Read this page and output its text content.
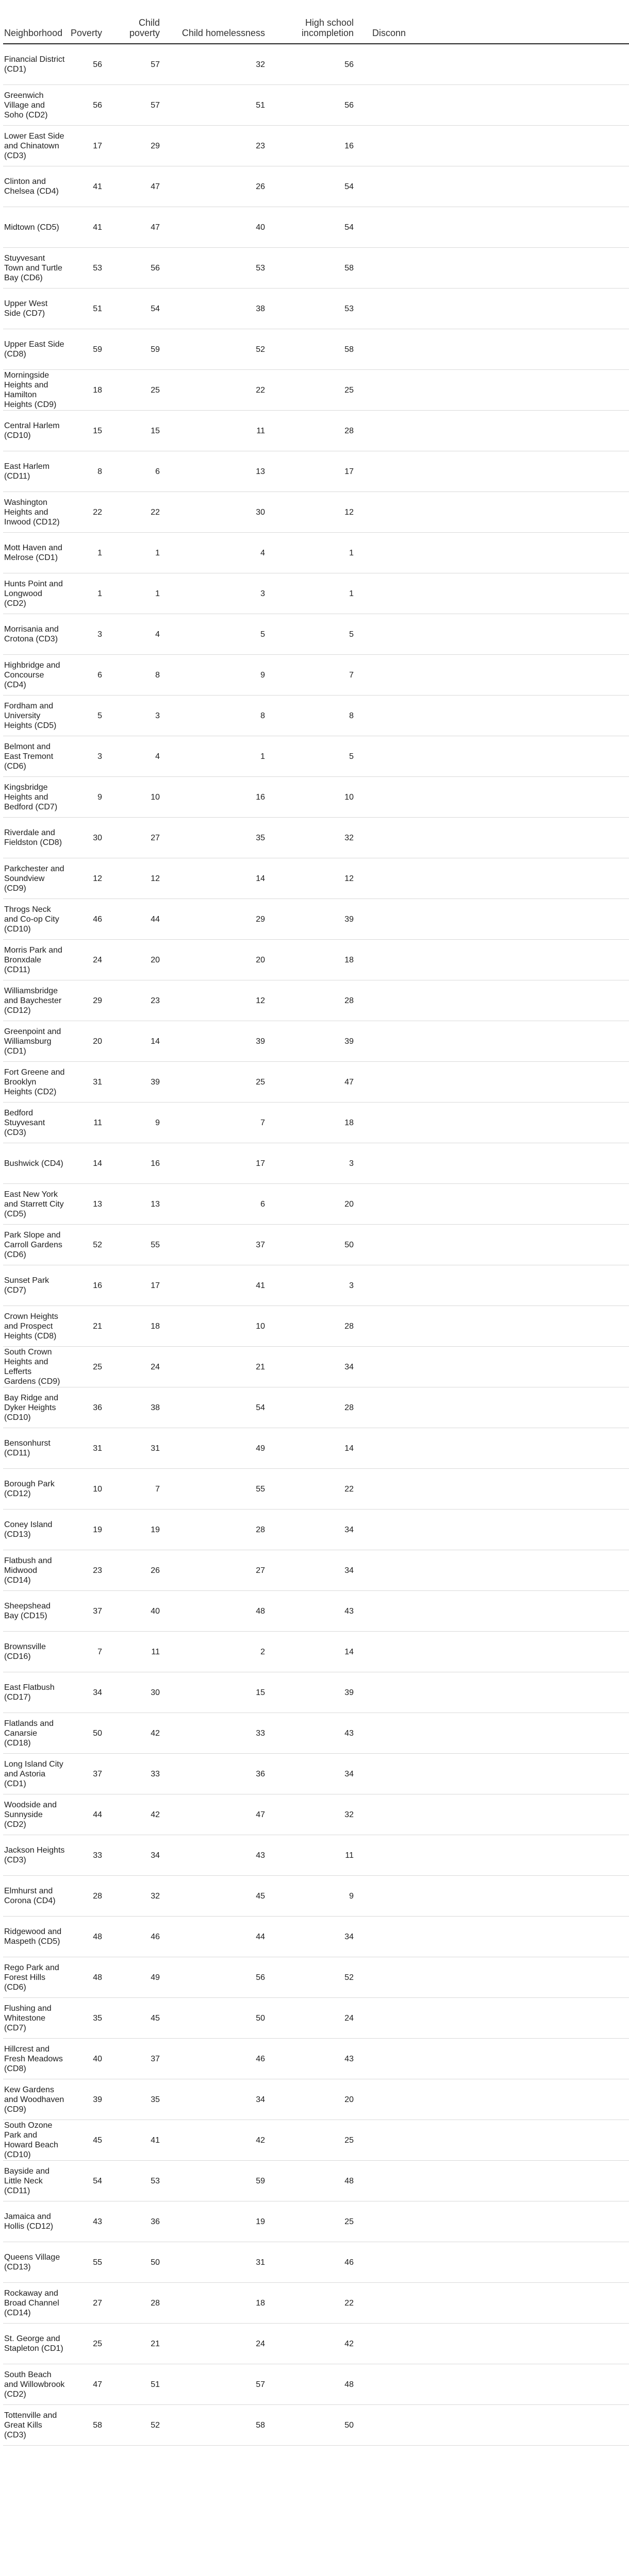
Neighborhood	Poverty	Child poverty	Child homelessness	High school incompletion	Disconn
Financial District (CD1)	56	57	32	56	
Greenwich Village and Soho (CD2)	56	57	51	56	
Lower East Side and Chinatown (CD3)	17	29	23	16	
Clinton and Chelsea (CD4)	41	47	26	54	
Midtown (CD5)	41	47	40	54	
Stuyvesant Town and Turtle Bay (CD6)	53	56	53	58	
Upper West Side (CD7)	51	54	38	53	
Upper East Side (CD8)	59	59	52	58	
Morningside Heights and Hamilton Heights (CD9)	18	25	22	25	
Central Harlem (CD10)	15	15	11	28	
East Harlem (CD11)	8	6	13	17	
Washington Heights and Inwood (CD12)	22	22	30	12	
Mott Haven and Melrose (CD1)	1	1	4	1	
Hunts Point and Longwood (CD2)	1	1	3	1	
Morrisania and Crotona (CD3)	3	4	5	5	
Highbridge and Concourse (CD4)	6	8	9	7	
Fordham and University Heights (CD5)	5	3	8	8	
Belmont and East Tremont (CD6)	3	4	1	5	
Kingsbridge Heights and Bedford (CD7)	9	10	16	10	
Riverdale and Fieldston (CD8)	30	27	35	32	
Parkchester and Soundview (CD9)	12	12	14	12	
Throgs Neck and Co-op City (CD10)	46	44	29	39	
Morris Park and Bronxdale (CD11)	24	20	20	18	
Williamsbridge and Baychester (CD12)	29	23	12	28	
Greenpoint and Williamsburg (CD1)	20	14	39	39	
Fort Greene and Brooklyn Heights (CD2)	31	39	25	47	
Bedford Stuyvesant (CD3)	11	9	7	18	
Bushwick (CD4)	14	16	17	3	
East New York and Starrett City (CD5)	13	13	6	20	
Park Slope and Carroll Gardens (CD6)	52	55	37	50	
Sunset Park (CD7)	16	17	41	3	
Crown Heights and Prospect Heights (CD8)	21	18	10	28	
South Crown Heights and Lefferts Gardens (CD9)	25	24	21	34	
Bay Ridge and Dyker Heights (CD10)	36	38	54	28	
Bensonhurst (CD11)	31	31	49	14	
Borough Park (CD12)	10	7	55	22	
Coney Island (CD13)	19	19	28	34	
Flatbush and Midwood (CD14)	23	26	27	34	
Sheepshead Bay (CD15)	37	40	48	43	
Brownsville (CD16)	7	11	2	14	
East Flatbush (CD17)	34	30	15	39	
Flatlands and Canarsie (CD18)	50	42	33	43	
Long Island City and Astoria (CD1)	37	33	36	34	
Woodside and Sunnyside (CD2)	44	42	47	32	
Jackson Heights (CD3)	33	34	43	11	
Elmhurst and Corona (CD4)	28	32	45	9	
Ridgewood and Maspeth (CD5)	48	46	44	34	
Rego Park and Forest Hills (CD6)	48	49	56	52	
Flushing and Whitestone (CD7)	35	45	50	24	
Hillcrest and Fresh Meadows (CD8)	40	37	46	43	
Kew Gardens and Woodhaven (CD9)	39	35	34	20	
South Ozone Park and Howard Beach (CD10)	45	41	42	25	
Bayside and Little Neck (CD11)	54	53	59	48	
Jamaica and Hollis (CD12)	43	36	19	25	
Queens Village (CD13)	55	50	31	46	
Rockaway and Broad Channel (CD14)	27	28	18	22	
St. George and Stapleton (CD1)	25	21	24	42	
South Beach and Willowbrook (CD2)	47	51	57	48	
Tottenville and Great Kills (CD3)	58	52	58	50	
